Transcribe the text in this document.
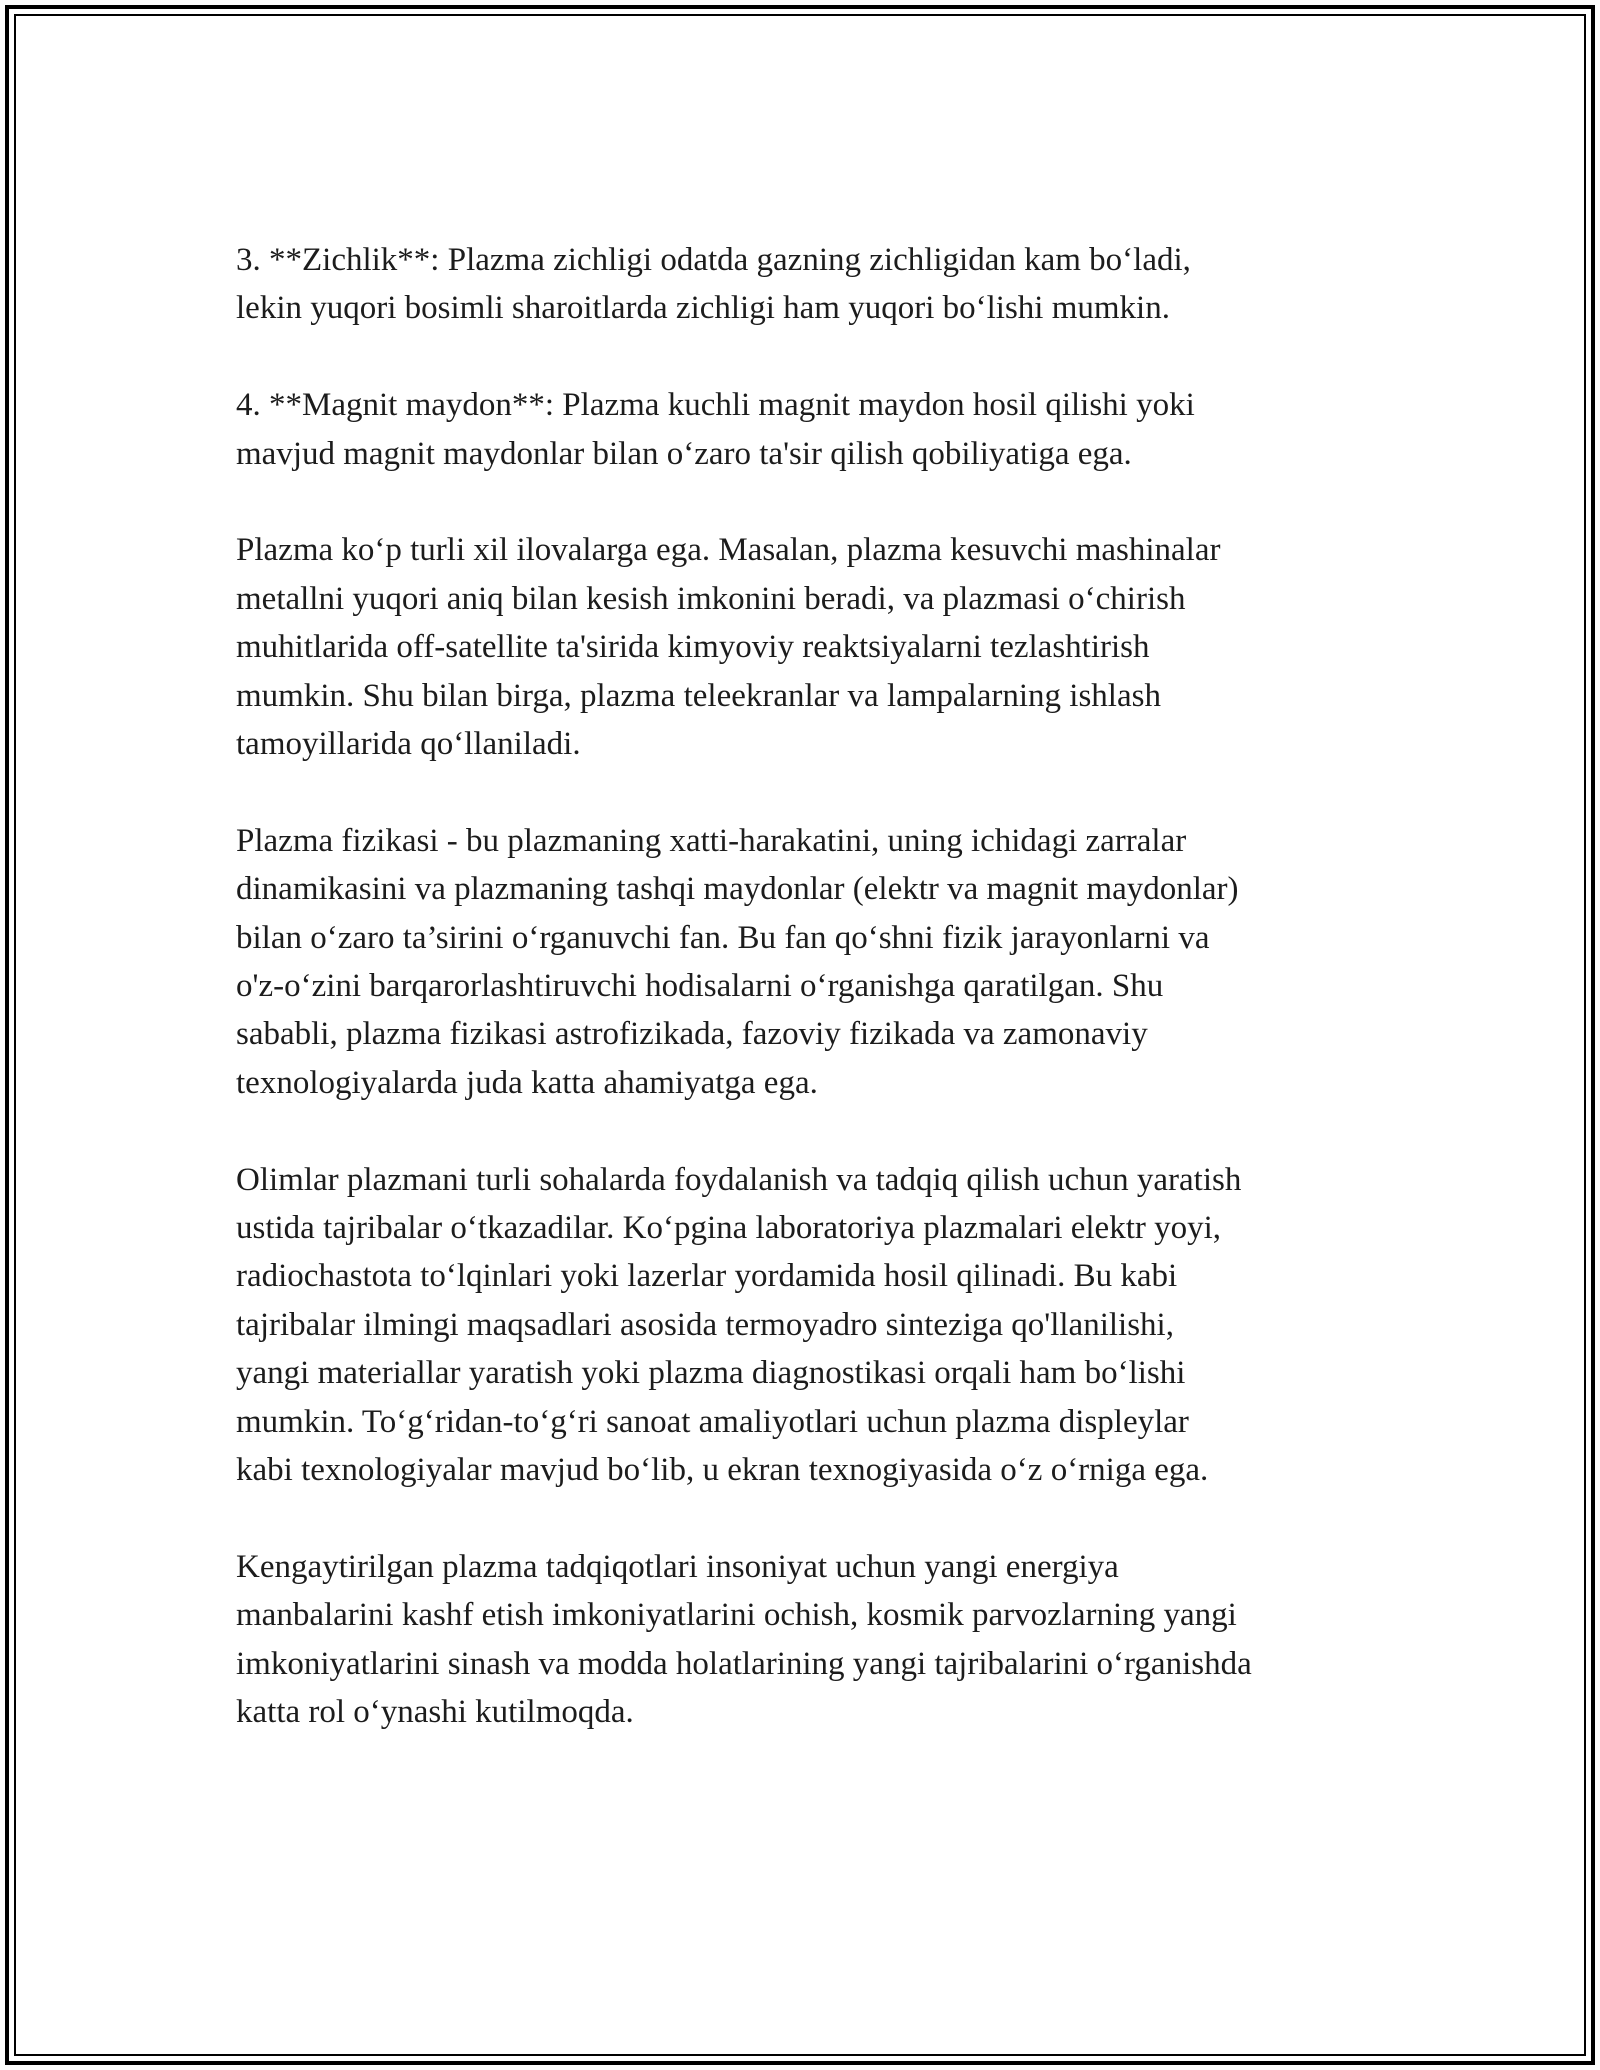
3. **Zichlik**: Plazma zichligi odatda gazning zichligidan kam bo‘ladi,
lekin yuqori bosimli sharoitlarda zichligi ham yuqori bo‘lishi mumkin.

4. **Magnit maydon**: Plazma kuchli magnit maydon hosil qilishi yoki
mavjud magnit maydonlar bilan o‘zaro ta'sir qilish qobiliyatiga ega.

Plazma ko‘p turli xil ilovalarga ega. Masalan, plazma kesuvchi mashinalar
metallni yuqori aniq bilan kesish imkonini beradi, va plazmasi o‘chirish
muhitlarida off-satellite ta'sirida kimyoviy reaktsiyalarni tezlashtirish
mumkin. Shu bilan birga, plazma teleekranlar va lampalarning ishlash
tamoyillarida qo‘llaniladi.

Plazma fizikasi - bu plazmaning xatti-harakatini, uning ichidagi zarralar
dinamikasini va plazmaning tashqi maydonlar (elektr va magnit maydonlar)
bilan o‘zaro ta’sirini o‘rganuvchi fan. Bu fan qo‘shni fizik jarayonlarni va
o'z-o‘zini barqarorlashtiruvchi hodisalarni o‘rganishga qaratilgan. Shu
sababli, plazma fizikasi astrofizikada, fazoviy fizikada va zamonaviy
texnologiyalarda juda katta ahamiyatga ega.

Olimlar plazmani turli sohalarda foydalanish va tadqiq qilish uchun yaratish
ustida tajribalar o‘tkazadilar. Ko‘pgina laboratoriya plazmalari elektr yoyi,
radiochastota to‘lqinlari yoki lazerlar yordamida hosil qilinadi. Bu kabi
tajribalar ilmingi maqsadlari asosida termoyadro sinteziga qo'llanilishi,
yangi materiallar yaratish yoki plazma diagnostikasi orqali ham bo‘lishi
mumkin. To‘g‘ridan-to‘g‘ri sanoat amaliyotlari uchun plazma displeylar
kabi texnologiyalar mavjud bo‘lib, u ekran texnogiyasida o‘z o‘rniga ega.

Kengaytirilgan plazma tadqiqotlari insoniyat uchun yangi energiya
manbalarini kashf etish imkoniyatlarini ochish, kosmik parvozlarning yangi
imkoniyatlarini sinash va modda holatlarining yangi tajribalarini o‘rganishda
katta rol o‘ynashi kutilmoqda.
